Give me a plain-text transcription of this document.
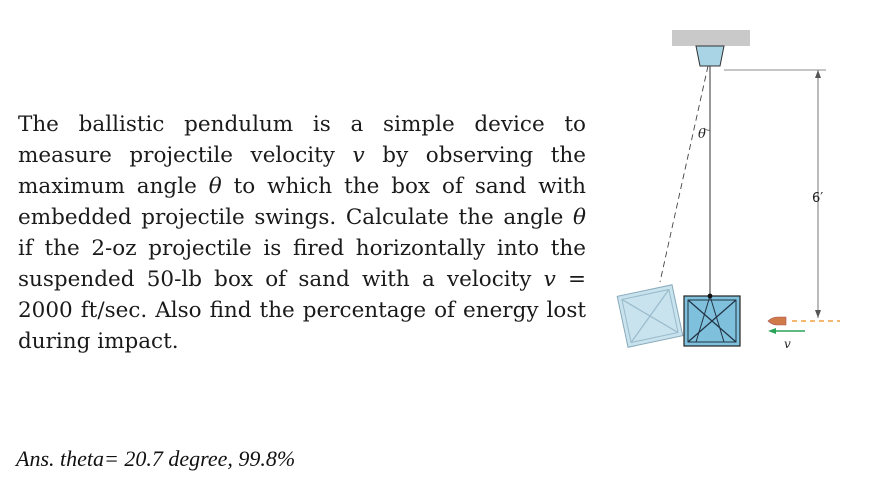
The ballistic pendulum is a simple device to measure projectile velocity v by observing the maximum angle θ to which the box of sand with embedded projectile swings. Calculate the angle θ if the 2-oz projectile is fired horizontally into the suspended 50-lb box of sand with a velocity v = 2000 ft/sec. Also find the percentage of energy lost during impact.

Ans. theta= 20.7 degree, 99.8%
θ
6′
v
